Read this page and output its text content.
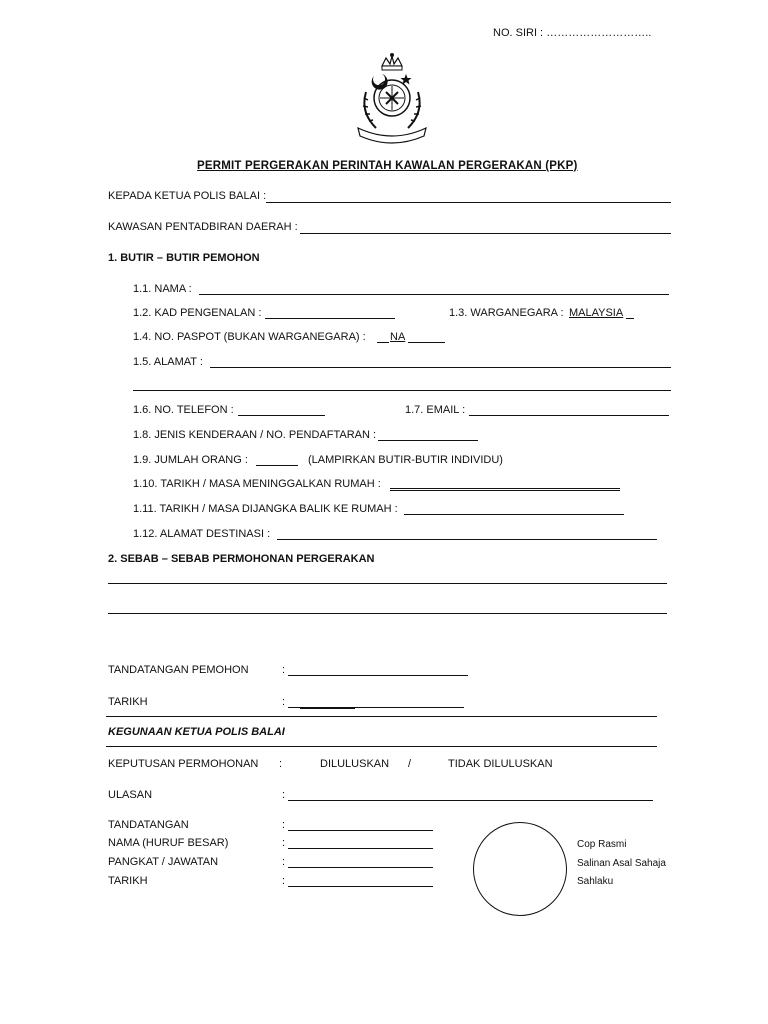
NO. SIRI : ………………………..
PERMIT PERGERAKAN PERINTAH KAWALAN PERGERAKAN (PKP)
KEPADA KETUA POLIS BALAI :
KAWASAN PENTADBIRAN DAERAH :
1. BUTIR – BUTIR PEMOHON
1.1. NAMA :
1.2. KAD PENGENALAN :	1.3. WARGANEGARA : MALAYSIA
1.4. NO. PASPOT (BUKAN WARGANEGARA) : NA
1.5. ALAMAT :
1.6. NO. TELEFON :	1.7. EMAIL :
1.8. JENIS KENDERAAN / NO. PENDAFTARAN :
1.9. JUMLAH ORANG :	(LAMPIRKAN BUTIR-BUTIR INDIVIDU)
1.10. TARIKH / MASA MENINGGALKAN RUMAH :
1.11. TARIKH / MASA DIJANGKA BALIK KE RUMAH :
1.12. ALAMAT DESTINASI :
2. SEBAB – SEBAB PERMOHONAN PERGERAKAN
TANDATANGAN PEMOHON	:
TARIKH	:
KEGUNAAN KETUA POLIS BALAI
KEPUTUSAN PERMOHONAN :	DILULUSKAN /	TIDAK DILULUSKAN
ULASAN	:
TANDATANGAN	:
NAMA (HURUF BESAR)	:
PANGKAT / JAWATAN	:
TARIKH	:
Cop Rasmi
Salinan Asal Sahaja
Sahlaku
